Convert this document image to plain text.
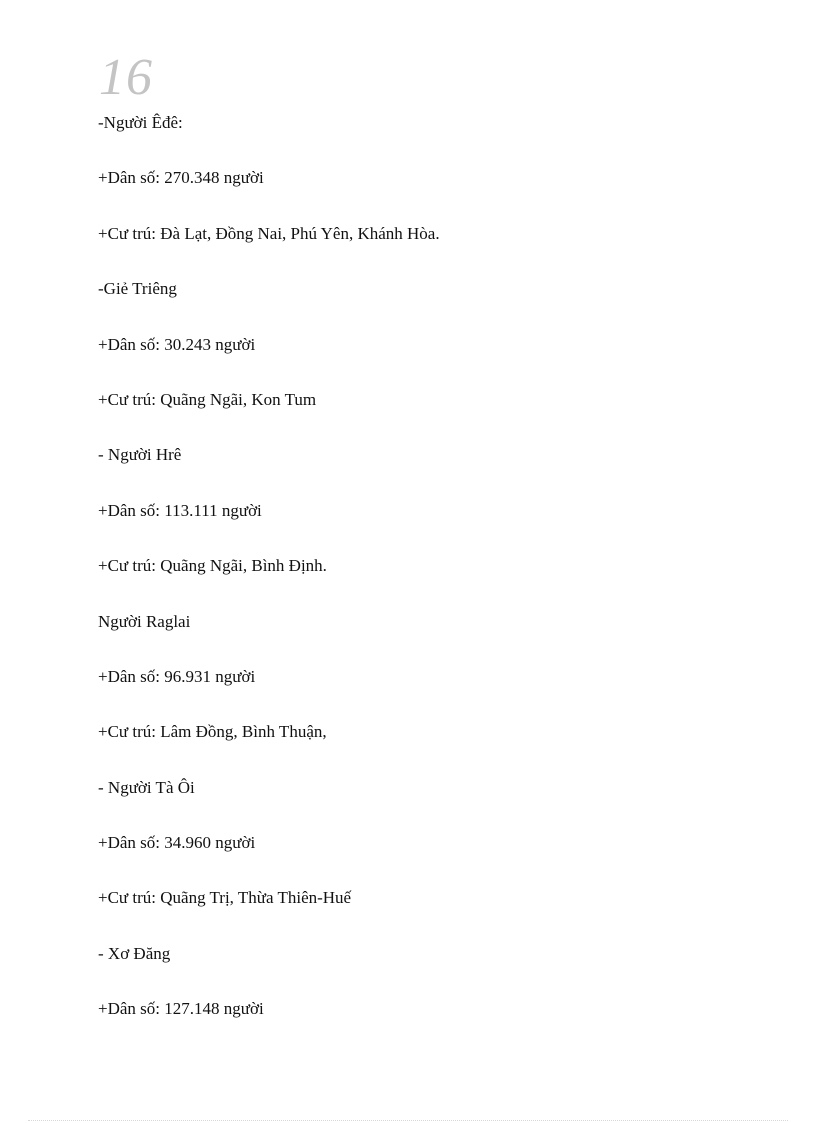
16
-Người Êđê:
+Dân số: 270.348 người
+Cư trú: Đà Lạt, Đồng Nai, Phú Yên, Khánh Hòa.
-Giẻ Triêng
+Dân số: 30.243 người
+Cư trú: Quãng Ngãi, Kon Tum
- Người Hrê
+Dân số: 113.111 người
+Cư trú: Quãng Ngãi, Bình Định.
Người Raglai
+Dân số: 96.931 người
+Cư trú: Lâm Đồng, Bình Thuận,
- Người Tà Ôi
+Dân số: 34.960 người
+Cư trú: Quãng Trị, Thừa Thiên-Huế
- Xơ Đăng
+Dân số: 127.148 người
